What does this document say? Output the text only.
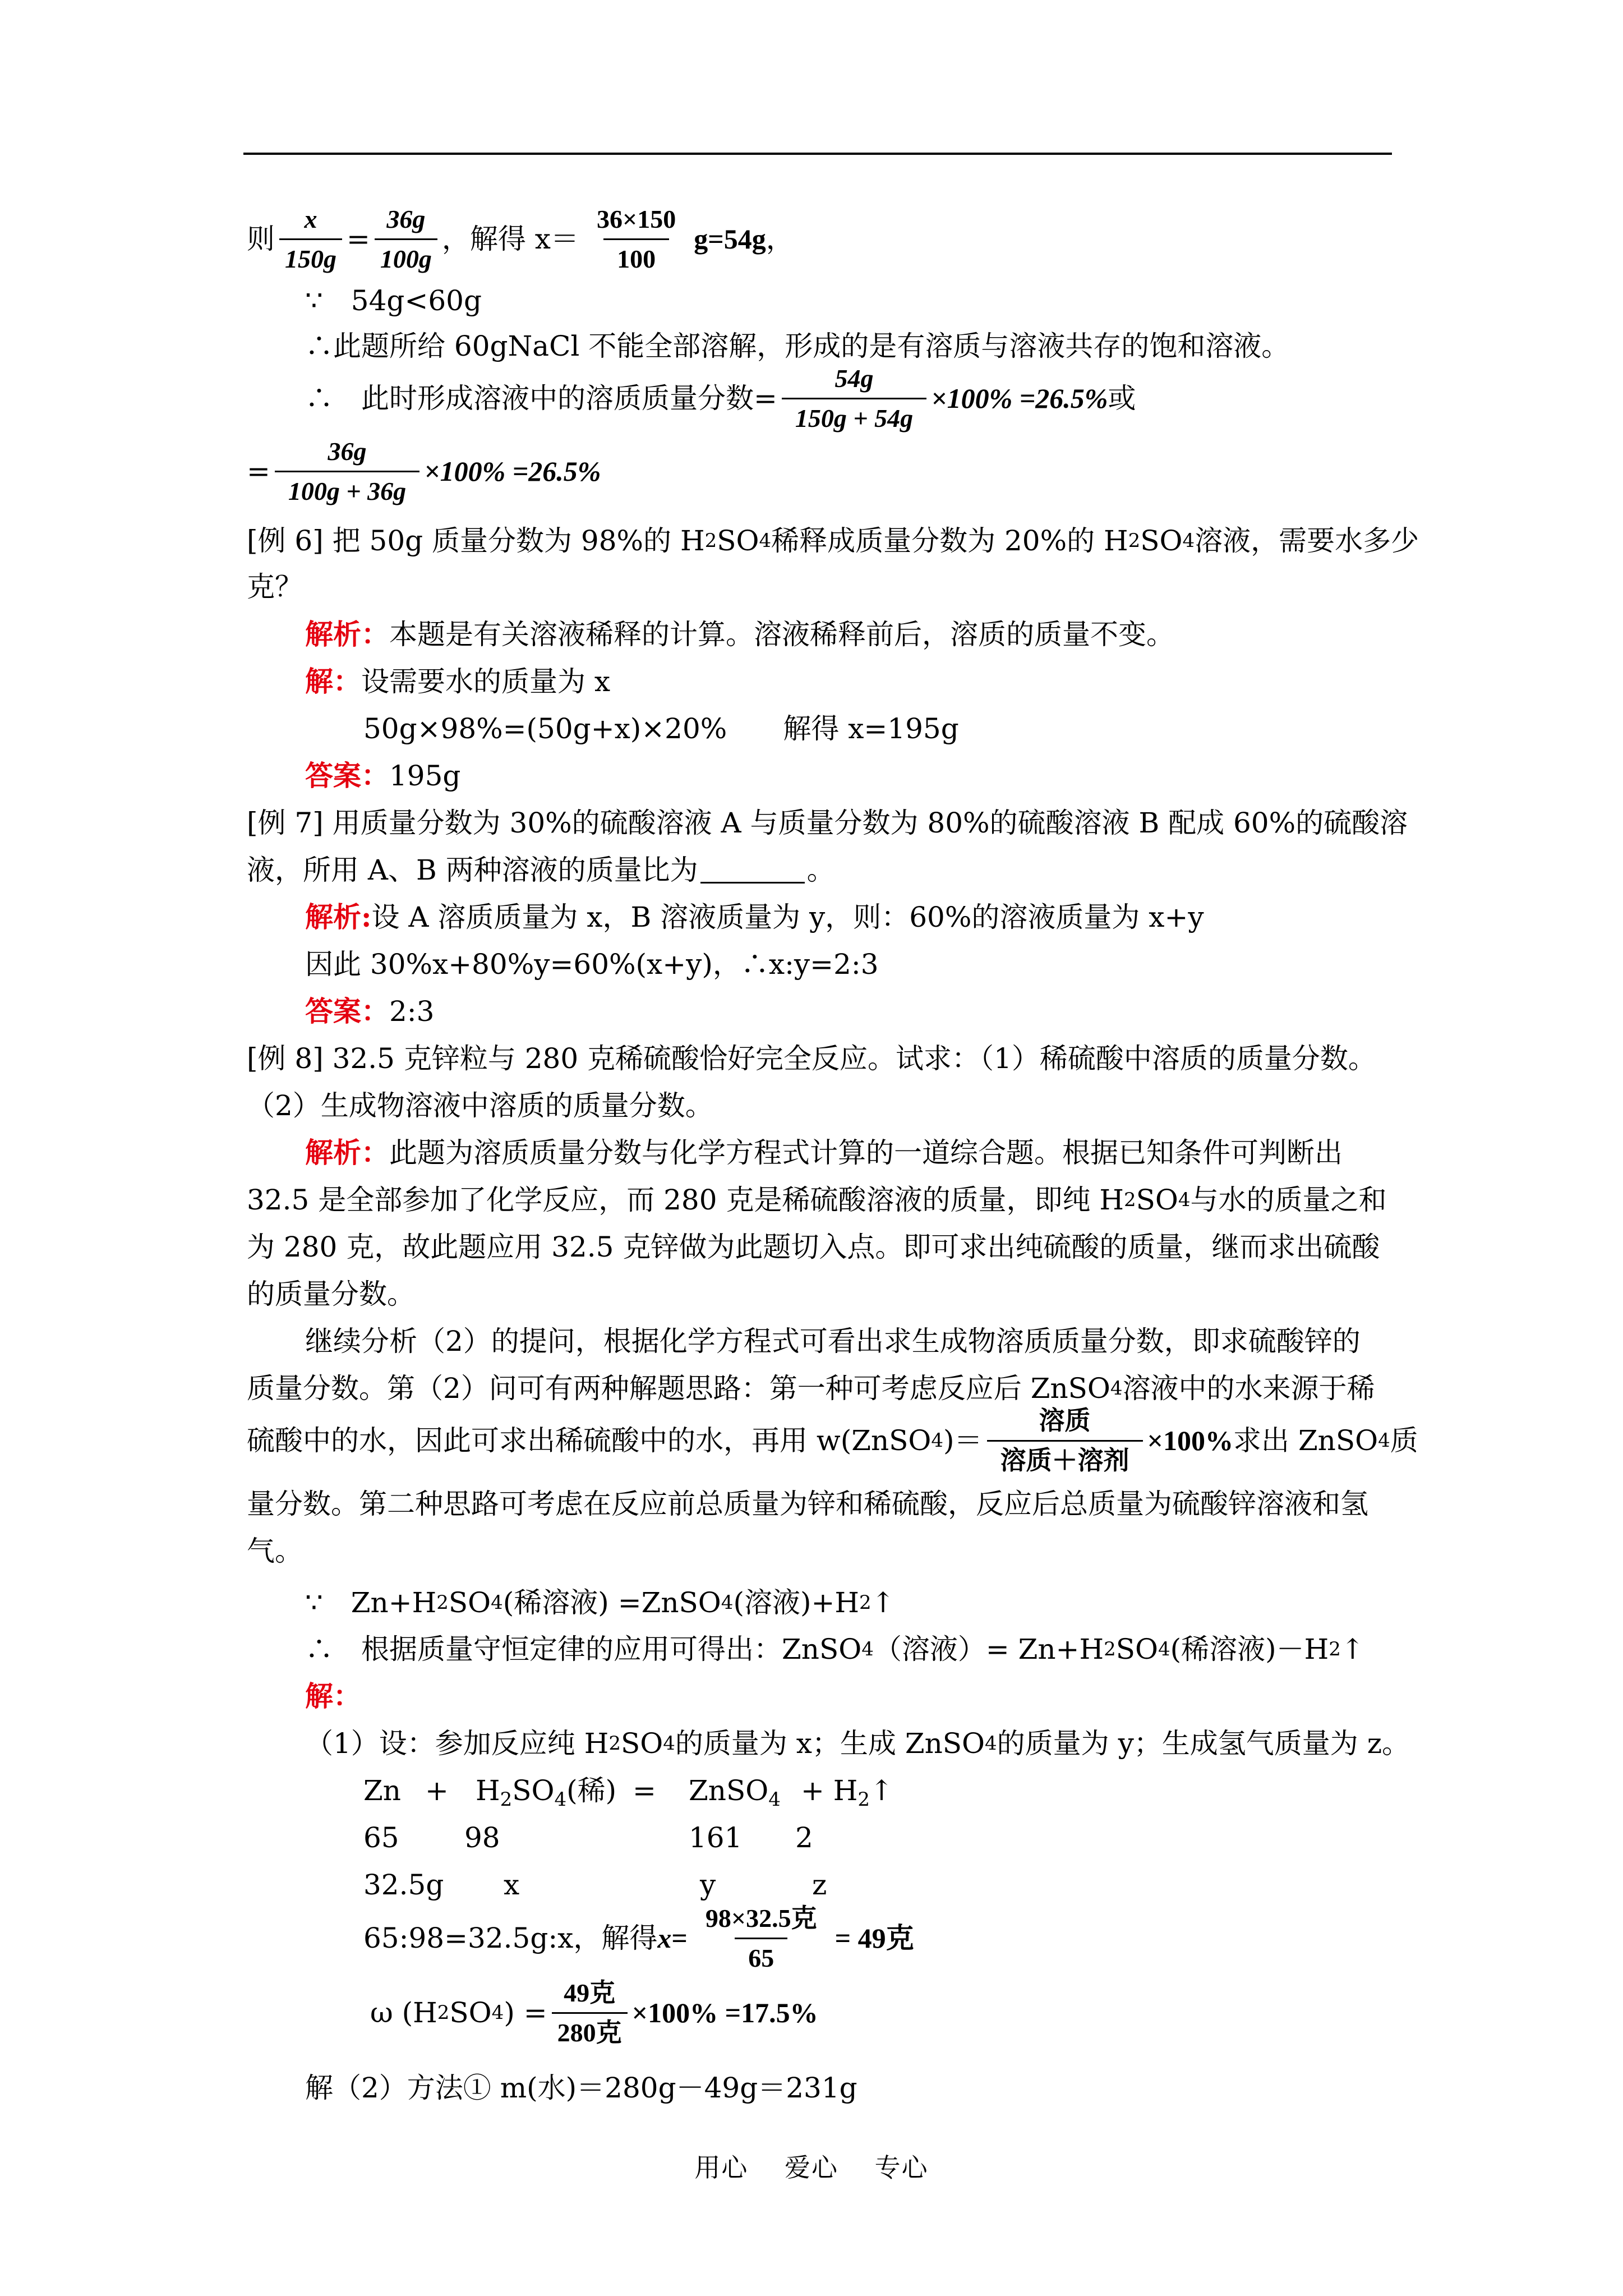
则 $\frac{x}{150g} = \frac{36g}{100g}$ ，解得 $x= \frac{36\times 150}{100} g=54g$ ，
∵　54g<60g
∴此题所给 60gNaCl 不能全部溶解，形成的是有溶质与溶液共存的饱和溶液。
∴　此时形成溶液中的溶质质量分数= $\frac{54g}{150g + 54g} \times 100\% =26.5\%$ 或
= $\frac{36g}{100g + 36g} \times 100\% =26.5\%$
[例 6] 把 50g 质量分数为 98%的 H 2 SO 4 稀释成质量分数为 20%的 H 2 SO 4 溶液，需要水多少
克？
解析： 本题是有关溶液稀释的计算。溶液稀释前后，溶质的质量不变。
解： 设需要水的质量为 x
50g×98%=(50g+x)×20%　　解得 x=195g
答案： 195g
[例 7] 用质量分数为 30%的硫酸溶液 A 与质量分数为 80%的硫酸溶液 B 配成 60%的硫酸溶
液，所用 A、B 两种溶液的质量比为	。
解析: 设 A 溶质质量为 x，B 溶液质量为 y，则：60%的溶液质量为 x+y
因此 30%x+80%y=60%(x+y)，∴x:y=2:3
答案： 2:3
[例 8] 32.5 克锌粒与 280 克稀硫酸恰好完全反应。试求：（1）稀硫酸中溶质的质量分数。
（2）生成物溶液中溶质的质量分数。
解析： 此题为溶质质量分数与化学方程式计算的一道综合题。根据已知条件可判断出
32.5 是全部参加了化学反应，而 280 克是稀硫酸溶液的质量，即纯 H 2 SO 4 与水的质量之和
为 280 克，故此题应用 32.5 克锌做为此题切入点。即可求出纯硫酸的质量，继而求出硫酸
的质量分数。
继续分析（2）的提问，根据化学方程式可看出求生成物溶质质量分数，即求硫酸锌的
质量分数。第（2）问可有两种解题思路：第一种可考虑反应后 ZnSO 4 溶液中的水来源于稀
硫酸中的水，因此可求出稀硫酸中的水，再用 w(ZnSO 4 )＝ $\frac{\text{溶质}}{\text{溶质＋溶剂}} \times 100\%$ 求出 ZnSO 4 质
量分数。第二种思路可考虑在反应前总质量为锌和稀硫酸，反应后总质量为硫酸锌溶液和氢
气。
∵　Zn+H 2 SO 4 (稀溶液) =ZnSO 4 (溶液)+H 2 ↑
∴　根据质量守恒定律的应用可得出：ZnSO 4 （溶液）= Zn+H 2 SO 4 (稀溶液)－H 2 ↑
解：
（1）设：参加反应纯 H 2 SO 4 的质量为 x；生成 ZnSO 4 的质量为 y；生成氢气质量为 z。
$Zn + H_2SO_4$(稀) =	ZnSO$_4$ + $H_2↑$
65	98	161	2
32.5g	x	y	z
65:98=32.5g:x，解得 $x = \frac{\text{98×32.5克}}{65} = 49$克
ω (H 2 SO 4 ) = $\frac{\text{49克}}{\text{280克}} \times 100\% =17.5\%$
解（2）方法① m(水)＝280g－49g＝231g
用心　 爱心　 专心
